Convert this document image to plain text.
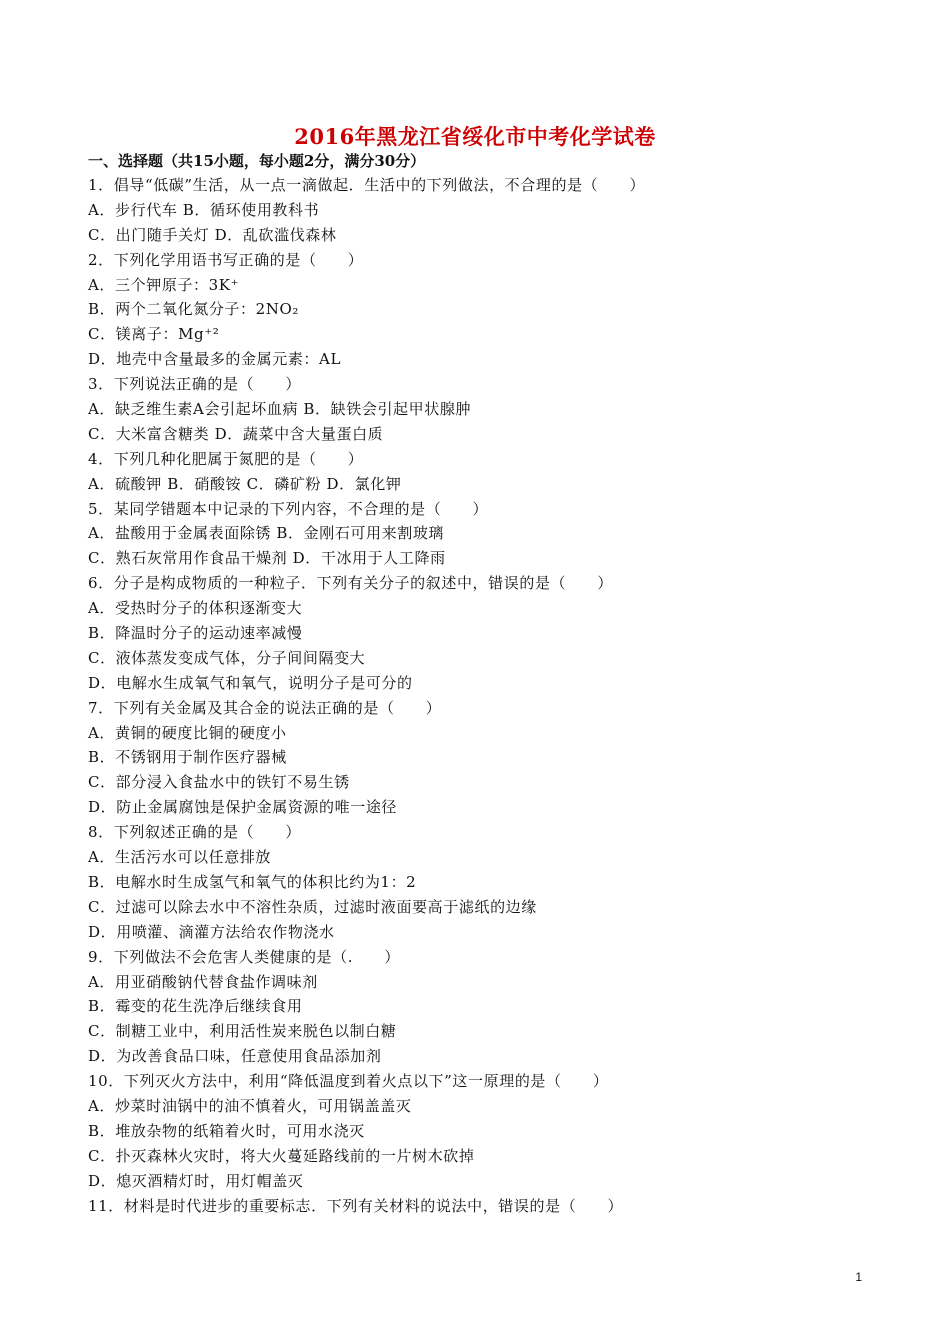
2016年黑龙江省绥化市中考化学试卷
一、选择题（共15小题，每小题2分，满分30分）
1．倡导“低碳”生活，从一点一滴做起．生活中的下列做法，不合理的是（　　）
A．步行代车 B．循环使用教科书
C．出门随手关灯 D．乱砍滥伐森林
2．下列化学用语书写正确的是（　　）
A．三个钾原子：3K⁺
B．两个二氧化氮分子：2NO₂
C．镁离子：Mg⁺²
D．地壳中含量最多的金属元素：AL
3．下列说法正确的是（　　）
A．缺乏维生素A会引起坏血病 B．缺铁会引起甲状腺肿
C．大米富含糖类 D．蔬菜中含大量蛋白质
4．下列几种化肥属于氮肥的是（　　）
A．硫酸钾 B．硝酸铵 C．磷矿粉 D．氯化钾
5．某同学错题本中记录的下列内容，不合理的是（　　）
A．盐酸用于金属表面除锈 B．金刚石可用来割玻璃
C．熟石灰常用作食品干燥剂 D．干冰用于人工降雨
6．分子是构成物质的一种粒子．下列有关分子的叙述中，错误的是（　　）
A．受热时分子的体积逐渐变大
B．降温时分子的运动速率减慢
C．液体蒸发变成气体，分子间间隔变大
D．电解水生成氧气和氧气，说明分子是可分的
7．下列有关金属及其合金的说法正确的是（　　）
A．黄铜的硬度比铜的硬度小
B．不锈钢用于制作医疗器械
C．部分浸入食盐水中的铁钉不易生锈
D．防止金属腐蚀是保护金属资源的唯一途径
8．下列叙述正确的是（　　）
A．生活污水可以任意排放
B．电解水时生成氢气和氧气的体积比约为1：2
C．过滤可以除去水中不溶性杂质，过滤时液面要高于滤纸的边缘
D．用喷灌、滴灌方法给农作物浇水
9．下列做法不会危害人类健康的是（.　　）
A．用亚硝酸钠代替食盐作调味剂
B．霉变的花生洗净后继续食用
C．制糖工业中，利用活性炭来脱色以制白糖
D．为改善食品口味，任意使用食品添加剂
10．下列灭火方法中，利用“降低温度到着火点以下”这一原理的是（　　）
A．炒菜时油锅中的油不慎着火，可用锅盖盖灭
B．堆放杂物的纸箱着火时，可用水浇灭
C．扑灭森林火灾时，将大火蔓延路线前的一片树木砍掉
D．熄灭酒精灯时，用灯帽盖灭
11．材料是时代进步的重要标志．下列有关材料的说法中，错误的是（　　）
1
